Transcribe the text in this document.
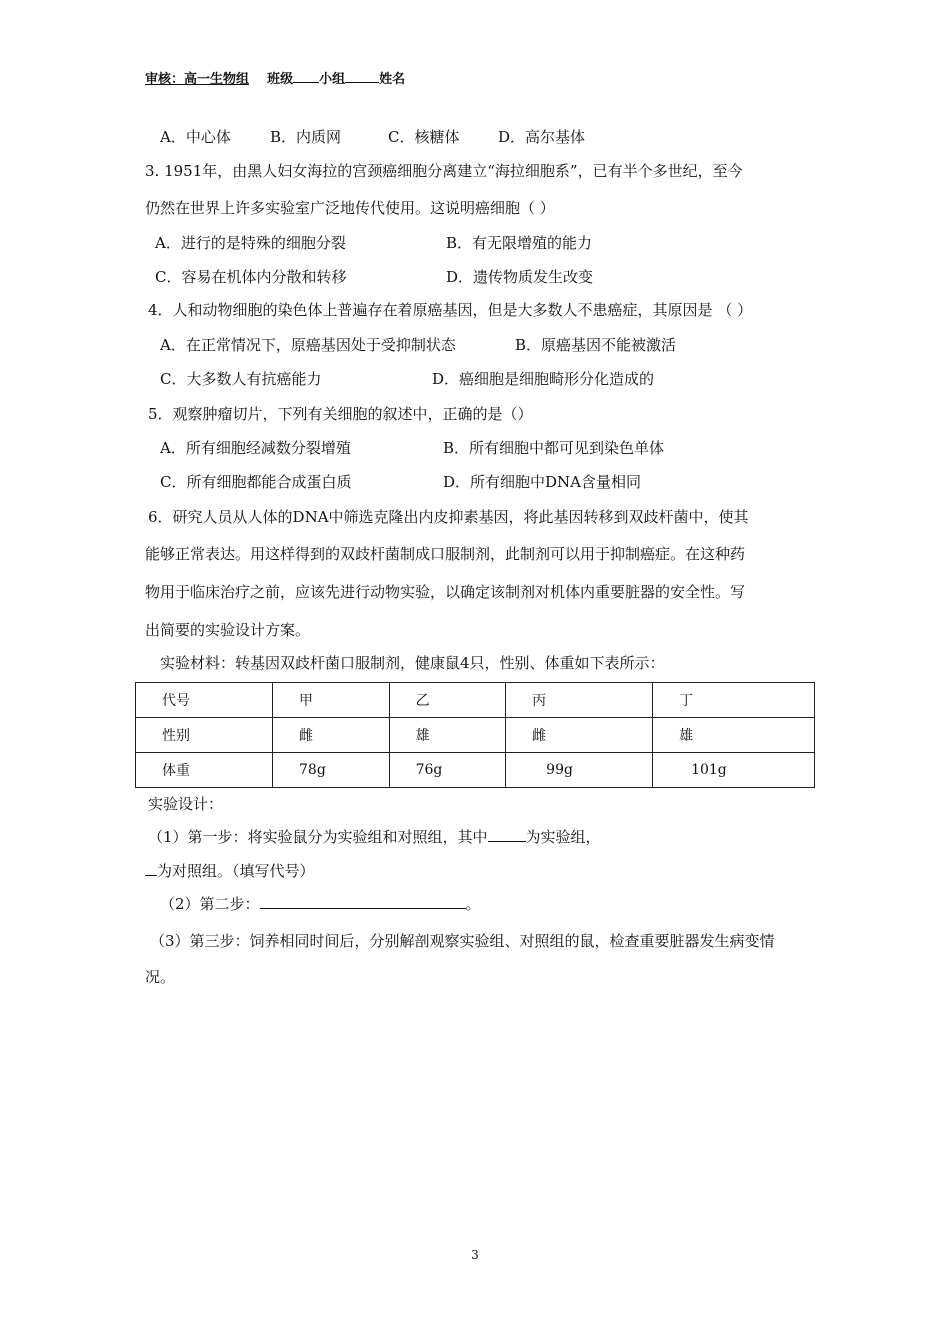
审核：高一生物组 班级 小组	姓名
A．中心体	B．内质网	C．核糖体	D．高尔基体
3. 1951年，由黑人妇女海拉的宫颈癌细胞分离建立“海拉细胞系”，已有半个多世纪，至今
仍然在世界上许多实验室广泛地传代使用。这说明癌细胞（ ）
A．进行的是特殊的细胞分裂	B．有无限增殖的能力
C．容易在机体内分散和转移	D．遗传物质发生改变
4．人和动物细胞的染色体上普遍存在着原癌基因，但是大多数人不患癌症，其原因是 （ ）
A．在正常情况下，原癌基因处于受抑制状态	B．原癌基因不能被激活
C．大多数人有抗癌能力	D．癌细胞是细胞畸形分化造成的
5．观察肿瘤切片，下列有关细胞的叙述中，正确的是（）
A．所有细胞经减数分裂增殖	B．所有细胞中都可见到染色单体
C．所有细胞都能合成蛋白质	D．所有细胞中DNA含量相同
6．研究人员从人体的DNA中筛选克隆出内皮抑素基因，将此基因转移到双歧杆菌中，使其
能够正常表达。用这样得到的双歧杆菌制成口服制剂，此制剂可以用于抑制癌症。在这种药
物用于临床治疗之前，应该先进行动物实验，以确定该制剂对机体内重要脏器的安全性。写
出简要的实验设计方案。
实验材料：转基因双歧杆菌口服制剂，健康鼠4只，性别、体重如下表所示：
代号	甲	乙	丙	丁
性别	雌	雄	雌	雄
体重	78g	76g	99g	101g
实验设计：
（1）第一步：将实验鼠分为实验组和对照组，其中	为实验组，
为对照组。（填写代号）
（2）第二步：	。
（3）第三步：饲养相同时间后，分别解剖观察实验组、对照组的鼠，检查重要脏器发生病变情
况。
3
